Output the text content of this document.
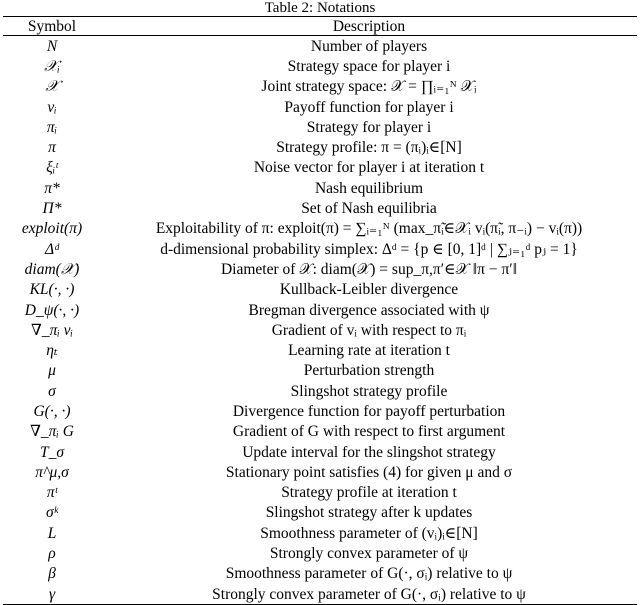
Table 2: Notations
Symbol	Description
N	Number of players
𝒳ᵢ	Strategy space for player i
𝒳	Joint strategy space: 𝒳 = ∏ᵢ₌₁ᴺ 𝒳ᵢ
vᵢ	Payoff function for player i
πᵢ	Strategy for player i
π	Strategy profile: π = (πᵢ)ᵢ∈[N]
ξᵢᵗ	Noise vector for player i at iteration t
π*	Nash equilibrium
Π*	Set of Nash equilibria
exploit(π)	Exploitability of π: exploit(π) = ∑ᵢ₌₁ᴺ (max_π̃ᵢ∈𝒳ᵢ vᵢ(π̃ᵢ, π₋ᵢ) − vᵢ(π))
Δᵈ	d-dimensional probability simplex: Δᵈ = {p ∈ [0, 1]ᵈ | ∑ⱼ₌₁ᵈ pⱼ = 1}
diam(𝒳)	Diameter of 𝒳: diam(𝒳) = sup_π,π′∈𝒳 ‖π − π′‖
KL(·, ·)	Kullback-Leibler divergence
D_ψ(·, ·)	Bregman divergence associated with ψ
∇_πᵢ vᵢ	Gradient of vᵢ with respect to πᵢ
ηₜ	Learning rate at iteration t
μ	Perturbation strength
σ	Slingshot strategy profile
G(·, ·)	Divergence function for payoff perturbation
∇_πᵢ G	Gradient of G with respect to first argument
T_σ	Update interval for the slingshot strategy
π^μ,σ	Stationary point satisfies (4) for given μ and σ
πᵗ	Strategy profile at iteration t
σᵏ	Slingshot strategy after k updates
L	Smoothness parameter of (vᵢ)ᵢ∈[N]
ρ	Strongly convex parameter of ψ
β	Smoothness parameter of G(·, σᵢ) relative to ψ
γ	Strongly convex parameter of G(·, σᵢ) relative to ψ
